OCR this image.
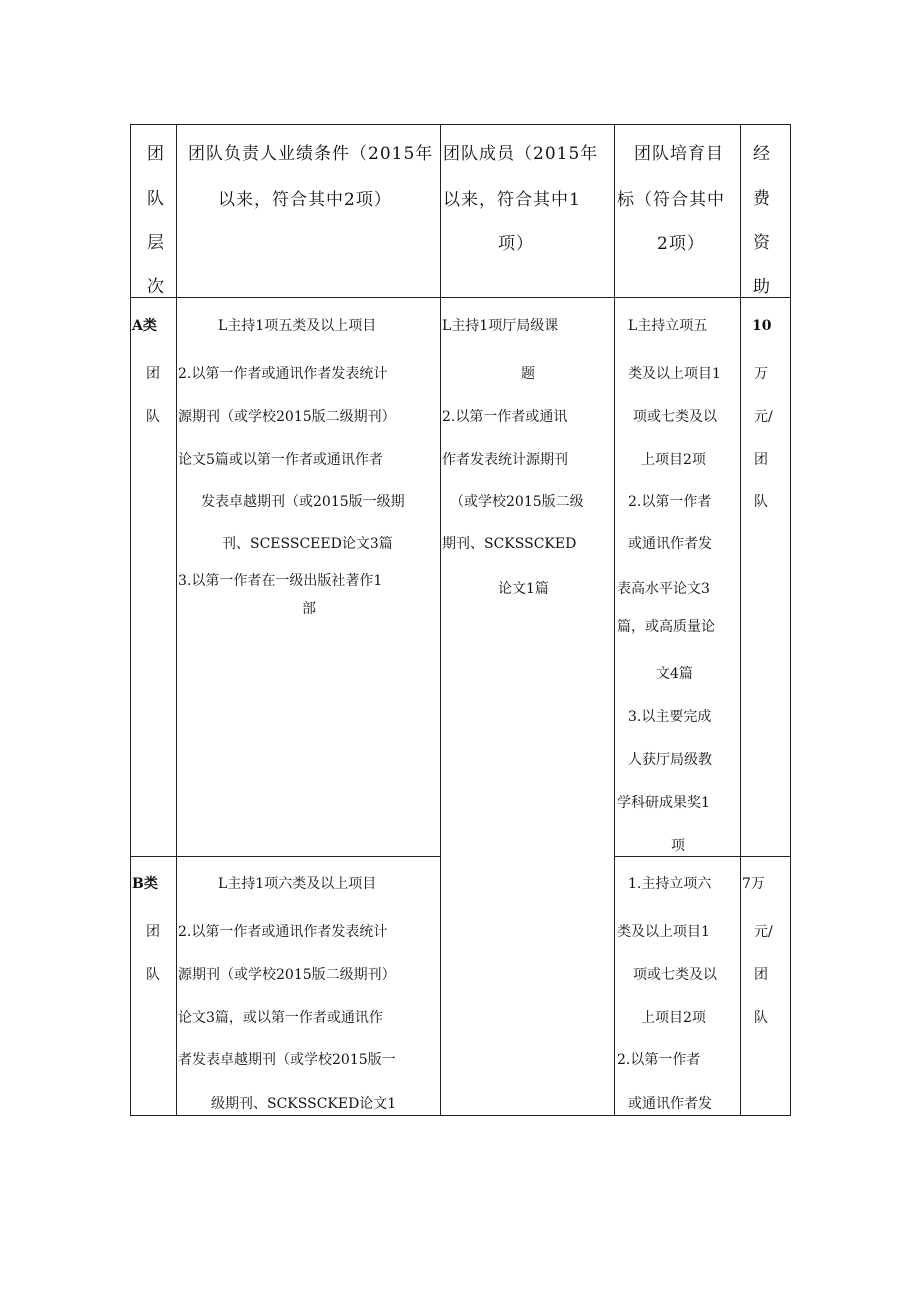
团
队
层
次
团队负责人业绩条件（2015年
以来，符合其中2项）
团队成员（2015年
以来，符合其中1
项）
团队培育目
标（符合其中
2项）
经
费
资
助
A类
团
队
L主持1项五类及以上项目
2.以第一作者或通讯作者发表统计
源期刊（或学校2015版二级期刊）
论文5篇或以第一作者或通讯作者
发表卓越期刊（或2015版一级期
刊、SCESSCEED论文3篇
3.以第一作者在一级出版社著作1
部
L主持1项厅局级课
题
2.以第一作者或通讯
作者发表统计源期刊
（或学校2015版二级
期刊、SCKSSCKED
论文1篇
L主持立项五
类及以上项目1
项或七类及以
上项目2项
2.以第一作者
或通讯作者发
表高水平论文3
篇，或高质量论
文4篇
3.以主要完成
人获厅局级教
学科研成果奖1
项
10
万
元/
团
队
B类
团
队
L主持1项六类及以上项目
2.以第一作者或通讯作者发表统计
源期刊（或学校2015版二级期刊）
论文3篇，或以第一作者或通讯作
者发表卓越期刊（或学校2015版一
级期刊、SCKSSCKED论文1
1.主持立项六
类及以上项目1
项或七类及以
上项目2项
2.以第一作者
或通讯作者发
7万
元/
团
队
